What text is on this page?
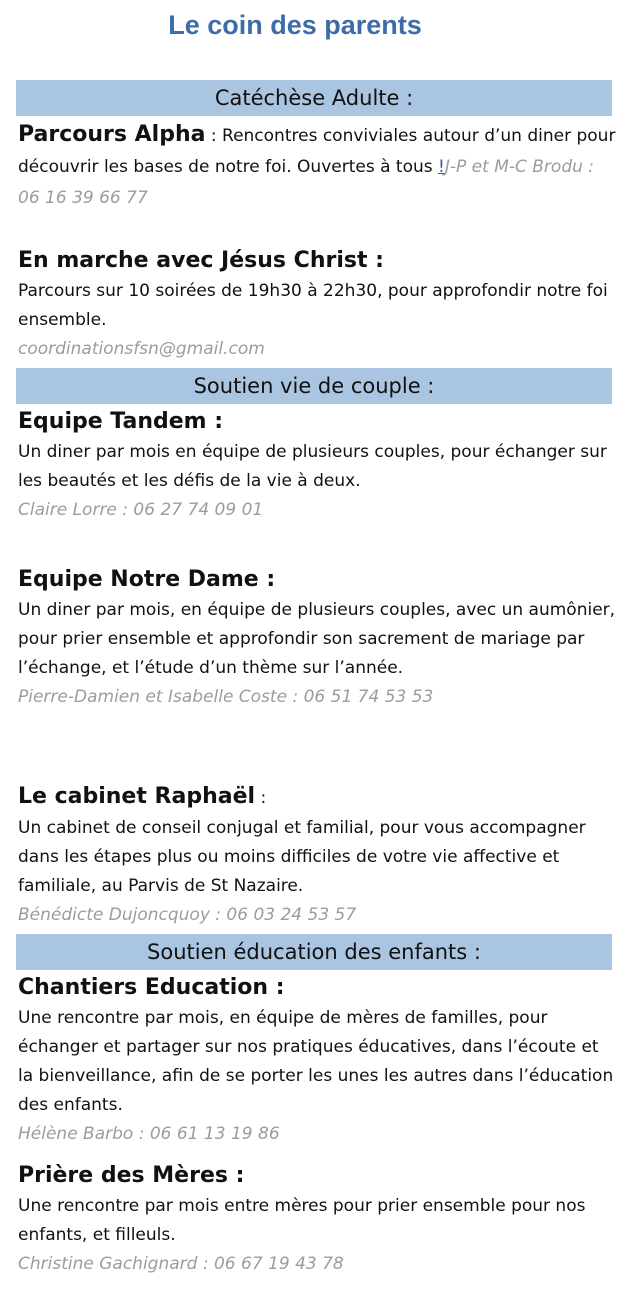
Le coin des parents
Catéchèse Adulte :
Parcours Alpha : Rencontres conviviales autour d’un diner pour découvrir les bases de notre foi. Ouvertes à tous !J-P et M-C Brodu : 06 16 39 66 77
En marche avec Jésus Christ :
Parcours sur 10 soirées de 19h30 à 22h30, pour approfondir notre foi ensemble.
coordinationsfsn@gmail.com
Soutien vie de couple :
Equipe Tandem :
Un diner par mois en équipe de plusieurs couples, pour échanger sur les beautés et les défis de la vie à deux.
Claire Lorre : 06 27 74 09 01
Equipe Notre Dame :
Un diner par mois, en équipe de plusieurs couples, avec un aumônier, pour prier ensemble et approfondir son sacrement de mariage par l’échange, et l’étude d’un thème sur l’année.
Pierre-Damien et Isabelle Coste : 06 51 74 53 53
Le cabinet Raphaël :
Un cabinet de conseil conjugal et familial, pour vous accompagner dans les étapes plus ou moins difficiles de votre vie affective et familiale, au Parvis de St Nazaire.
Bénédicte Dujoncquoy : 06 03 24 53 57
Soutien éducation des enfants :
Chantiers Education :
Une rencontre par mois, en équipe de mères de familles, pour échanger et partager sur nos pratiques éducatives, dans l’écoute et la bienveillance, afin de se porter les unes les autres dans l’éducation des enfants.
Hélène Barbo : 06 61 13 19 86
Prière des Mères :
Une rencontre par mois entre mères pour prier ensemble pour nos enfants, et filleuls.
Christine Gachignard : 06 67 19 43 78
